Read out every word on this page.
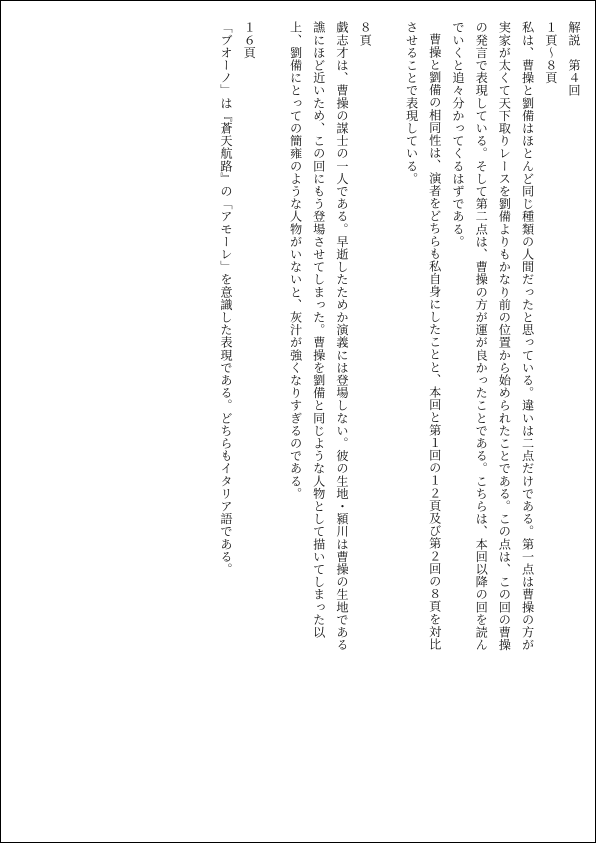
解説　第４回

１頁～８頁

私は、曹操と劉備はほとんど同じ種類の人間だったと思っている。違いは二点だけである。第一点は曹操の方が実家が太くて天下取りレースを劉備よりもかなり前の位置から始められたことである。この点は、この回の曹操の発言で表現している。そして第二点は、曹操の方が運が良かったことである。こちらは、本回以降の回を読んでいくと追々分かってくるはずである。

曹操と劉備の相同性は、演者をどちらも私自身にしたことと、本回と第１回の１２頁及び第２回の８頁を対比させることで表現している。

８頁

戯志才は、曹操の謀士の一人である。早逝したためか演義には登場しない。彼の生地・潁川は曹操の生地である譙にほど近いため、この回にもう登場させてしまった。曹操を劉備と同じような人物として描いてしまった以上、劉備にとっての簡雍のような人物がいないと、灰汁が強くなりすぎるのである。

１６頁

「ブオーノ」は『蒼天航路』の「アモーレ」を意識した表現である。どちらもイタリア語である。
